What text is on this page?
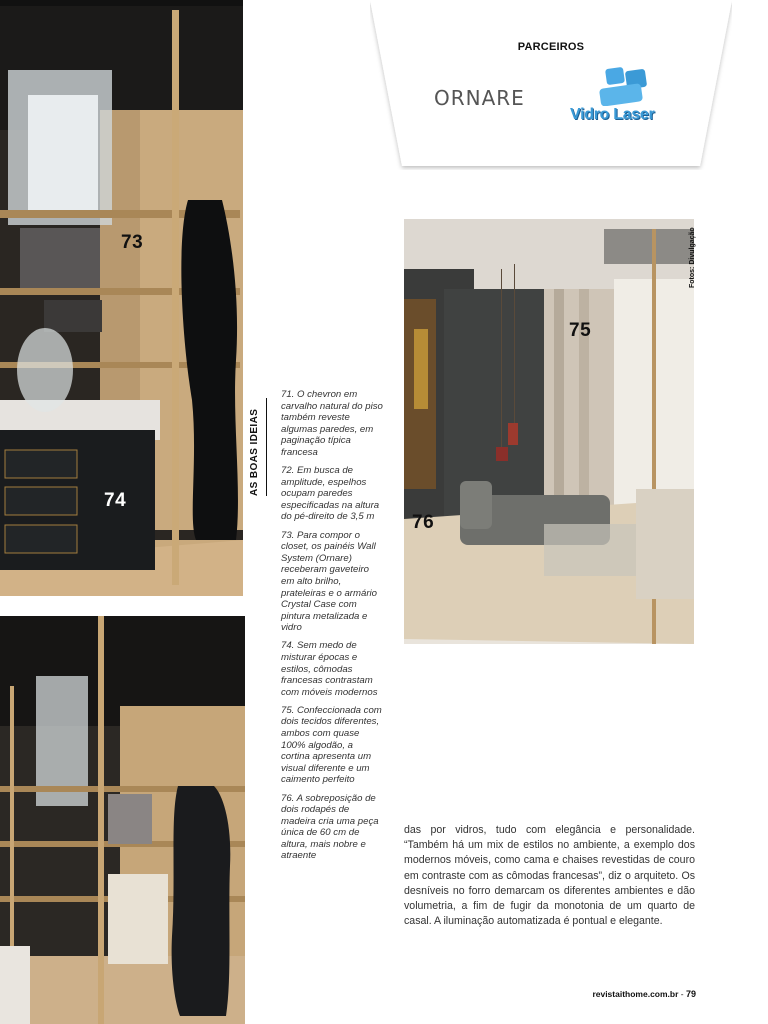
73
74
75
76
PARCEIROS
ORNARE
Vidro Laser
Fotos: Divulgação
AS BOAS IDEIAS

71. O chevron em carvalho natural do piso também reveste algumas paredes, em paginação típica francesa

72. Em busca de amplitude, espelhos ocupam paredes especificadas na altura do pé-direito de 3,5 m

73. Para compor o closet, os painéis Wall System (Ornare) receberam gaveteiro em alto brilho, prateleiras e o armário Crystal Case com pintura metalizada e vidro

74. Sem medo de misturar épocas e estilos, cômodas francesas contrastam com móveis modernos

75. Confeccionada com dois tecidos diferentes, ambos com quase 100% algodão, a cortina apresenta um visual diferente e um caimento perfeito

76. A sobreposição de dois rodapés de madeira cria uma peça única de 60 cm de altura, mais nobre e atraente

das por vidros, tudo com elegância e personalidade. “Também há um mix de estilos no ambiente, a exemplo dos modernos móveis, como cama e chaises revestidas de couro em contraste com as cômodas francesas”, diz o arquiteto. Os desníveis no forro demarcam os diferentes ambientes e dão volumetria, a fim de fugir da monotonia de um quarto de casal. A iluminação automatizada é pontual e elegante.

revistaithome.com.br - 79
